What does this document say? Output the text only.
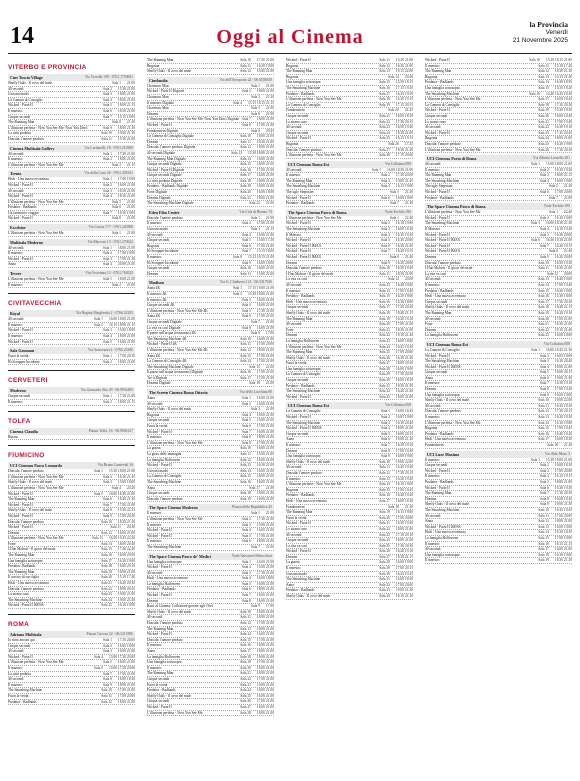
14	Oggi al Cinema
la Provincia
Venerdì
21 Novembre 2025
VITERBO E PROVINCIA
Cine Tuscia Village	Via Vetralla 108 - 0761.1750001
Sheffy Oaks - Il covo del male	Sala 1 21.00
40 secondi	Sala 2 15.30 21.00
Giovani madri	Sala 3 18.00 21.00
La Camera di Consiglio	Sala 4 18.00 21.00
Wicked - Parte II	Sala 5 18.00 21.15
Il maestro	Sala 6 18.30 21.00
Cinque secondi	Sala 7 15.15 18.00
The Running Man	Sala 8 21.30
L'illusione perfetta - Now You See Me: Now You Don't	Sala 9 18.00 21.30
La città proibita	Sala 10 19.00 21.30
Dracula: l'amore perduto	Sala 11 15.30 21.00
Cinema Multisala Gallery	Via Cardarelli, 18 - 0761.210300
40 secondi	Sala 1 17.30 21.00
Il maestro	Sala 2 18.00 21.00
L'illusione perfetta - Now You See Me	Sala 3 21.15
Trento	Via della Cava 26 - 0761.303331
Hedi - Una nuova avventura	Sala 1 17.00 19.00
Wicked - Parte II	Sala 2 16.00 21.00
40 secondi	Sala 3 18.30 21.00
Wicked - Parte II	Sala 4 18.30 21.00
L'illusione perfetta - Now You See Me	Sala 5 21.00
Predator - Badlands	Sala 6 21.00
Un fantastico viaggio	Sala 7 16.30 19.00
Wicked - Parte II	Sala 8 21.00
Excelsior	Via Cassia 177 - 0761.240380
L'illusione perfetta - Now You See Me	Sala 1 21.00
Multisala Moderno	Via Marconi 13 - 0761.270622
40 secondi	Sala 1 18.00 21.00
Il maestro	Sala 2 17.00 19.00
Wicked - Parte II	Sala 3 17.00 21.30
Anna	Sala 4 20.00 21.00
Tevere	Via Orvietana 12 - 0761.762023
L'illusione perfetta - Now You See Me	Sala 1 18.00 21.00
Il maestro	Sala 2 21.00
CIVITAVECCHIA
Royal	Via Regina Margherita 2 - 0766.32235
40 secondi	Sala 1 16.00 18.00 21.00
Il maestro	Sala 2 16.15 18.00 21.15
Wicked - Parte II	Sala 3 15.00 18.00
Il maestro	Sala 4 18.00 21.00
Wicked - Parte II	Sala 5 16.00 21.00
Sala Gassman	Via Annovazzi 2 - 0766.23380
Fuori la verità	Sala 1 17.00 20.30
Hi Scrapper Incidente	Sala 2 18.00 21.00
CERVETERI
Moderno	Via Giancarlo Sbo 29 - 06.9954490
Cinque secondi	Sala 1 17.30 21.00
Il maestro	Sala 2 18.00 21.15
TOLFA
Cinema Claudia	Piazza Tolfa, 16 - 06.9904127
Riposo
FIUMICINO
UCI Cinemas Parco Leonardo	Via Bruno Carnevali 16
Dracula: l'amore perduto	Sala 1 15.30 18.00 21.00
L'illusione perfetta - Now You See Me	Sala 2 16.30 21.45
Sheffy Oaks - Il covo del male	Sala 3 15.00 18.00
L'illusione perfetta - Now You See Me	Sala 4 20.20
Wicked - Parte II	Sala 5 16.00 18.40 21.00
The Running Man	Sala 6 18.40 21.30
Wicked - Parte II	Sala 7 17.00 21.00
Sheffy Oaks - Il covo del male	Sala 8 19.30 22.15
Wicked - Parte II	Sala 9 17.00 20.30
Dracula: l'amore perduto	Sala 10 18.30 21.30
Wicked - Parte II	Sala 11 20.30
Dreams	Sala 12 16.00 21.00
L'illusione perfetta - Now You See Me	Sala 13 16.50 19.45 22.30
Forte	Sala 14 18.00 20.40
I Due Mafiosi - Il gioco del male	Sala 15 17.40 22.40
The Running Man	Sala 16 16.00 20.00
Una famiglia sottosopra	Sala 17 16.30 19.00
Predator: Badlands	Sala 18 16.00 20.10
The Running Man	Sala 19 16.00 21.00
Il sorriso di suo figlio	Sala 20 15.10 17.40
Hedi - Una nuova avventura	Sala 21 16.20 20.30
Dracula: l'amore perduto	Sala 22 18.00 20.45
Lo strano caso	Sala 23 19.00 21.00
The Smashing Machine	Sala 24 19.00 21.40
Wicked - Parte II ISENS	Sala 25 16.30 19.00
ROMA
Adriano Multisala	Piazza Cavour 22 - 06.3211896
Io sono ancora qui	Sala 1 17.30 20.00
Cinque secondi	Sala 2 16.00 18.00
40 secondi	Sala 3 16.00 21.00
Wicked - Parte II	Sala 4 15.00 17.30 20.00
L'illusione perfetta - Now You See Me	Sala 5 16.00 21.00
Il maestro	Sala 6 15.00 17.30 20.00
La città proibita	Sala 7 17.00 21.00
40 secondi	Sala 8 16.00 18.30
Il maestro	Sala 9 18.00 21.00
The Smashing Machine	Sala 10 17.00 21.00
Fuori la verità	Sala 11 17.00 20.00
Predator - Badlands	Sala 12 18.00 21.00
The Running Man	Sala 10 17.30 21.00
Bugonia	Sala 11 16.30 19.00
Sheffy Oaks - Il covo del male	Sala 12 15.00 21.00
Cinelandia	Via dell'Aeroporto 22 - 06.6504920
Chainsaw Man	Sala 1 21.00
Wicked - Parte II Digitale	Sala 2 18.00 21.00
Chainsaw Man	Sala 3 21.30
Il maestro Digitale	Sala 4 15.15 18.15 21.15
Chainsaw Man	Sala 5 21.00
Dreams	Sala 6 21.00
L'illusione perfetta - Now You See Me: Now You Don't Digitale Sala 7 18.00 21.00
Wicked - Parte II	Sala 8 17.00 21.00
Frankenstein Digitale	Sala 9 20.45
La Camera di Consiglio Digitale	Sala 10 18.00 21.00
Dreams	Sala 11 18.30 21.00
Dracula: l'amore perduto Digitale	Sala 12 18.00 21.00
40 secondi Digitale	Sala 13 15.30 18.00 21.00
The Running Man Digitale	Sala 14 16.00 21.00
Cinque secondi Digitale	Sala 15 18.00 21.00
Wicked - Parte II Digitale	Sala 16 17.00 21.00
Cinque secondi Digitale	Sala 17 16.00 21.00
La città proibita Digitale	Sala 18 18.00 21.00
Predator - Badlands Digitale	Sala 19 18.00 21.00
Forte Digitale	Sala 20 16.00 18.00
Dreams Digitale	Sala 21 18.00 21.00
The Smashing Machine Digitale	Sala 22 21.00
Eden Film Center	Via Cola di Rienzo 74
Dracula: l'amore perduto	Sala 1 21.00
Il maestro	Sala 2 17.00 21.00
Giovani madri	Sala 3 21.15
40 secondi	Sala 4 16.00 21.00
Cinque secondi	Sala 5 15.00 17.30
Bugonia	Sala 6 17.00 21.00
Hi Scrapper Incidente	Sala 7 15.15 18.00
Il maestro	Sala 8 15.15 18.15 21.00
Hi Scrapper Incidente	Sala 9 16.00 18.00
Cinque secondi	Sala 10 16.00 21.00
Dreams	Sala 11 15.00 21.00
Madison	Via G. Chiabrera 121 - 06.5417926
Anna 4K	Sala 1 17.15 19.00 21.00
Il maestro 4K	Sala 2 15.30 18.00 21.00
Il maestro 4K	Sala 3 16.00 21.00
Cinque secondi 4K	Sala 4 16.00 21.00
L'illusione perfetta - Now You See Me 4K	Sala 5 17.30 21.00
Anna 4K	Sala 6 17.00 21.00
Cinque secondi Digitale	Sala 7 21.00
La vita va così Digitale	Sala 8 16.00 21.00
Il paese sull'acqua (restaurato) 4K	Sala 9 17.00
The Smashing Machine 4K	Sala 10 16.00 21.00
Wicked - Parte II 4K	Sala 11 17.00 20.00
L'illusione perfetta - Now You See Me 4K	Sala 12 18.00 21.00
Anna 4K	Sala 13 17.00 21.00
La Camera di Consiglio 4K	Sala 14 17.00 21.00
The Smashing Machine Digitale	Sala 15 21.00
Il paese sull'acqua (restaurato) Digitale	Sala 16 17.00 21.00
Tre ti Digitale	Sala 17 17.00 21.00
Dreams Digitale	Sala 18 21.00
The Screen Cinema Roma Ottavia	Via della Lucchina 90
Anna	Sala 1 16.00 21.00
40 secondi	Sala 2 16.00 21.00
Sheffy Oaks - Il covo del male	Sala 3 21.00
Bugonia	Sala 4 18.00 21.00
Cinque secondi	Sala 5 15.00 21.00
Fuori la verità	Sala 6 17.00 21.00
Wicked - Parte II	Sala 7 16.00 21.00
Il maestro	Sala 8 18.00 21.00
L'illusione perfetta - Now You See Me	Sala 9 17.00 21.00
La grazia	Sala 10 16.00 21.00
La gioia delle immagini	Sala 11 15.00 21.00
La famiglia Halloween	Sala 12 16.00 21.00
Wicked - Parte II	Sala 13 16.30 21.00
Giovani madri	Sala 14 16.00 21.00
La Camera di Consiglio	Sala 15 18.00 21.00
The Smashing Machine	Sala 16 16.00 21.00
Anna	Sala 17 21.00
Cinque secondi	Sala 18 18.00 21.00
Dracula: l'amore perduto	Sala 19 16.00 21.00
The Space Cinema Moderno	Piazza della Repubblica 45
Il maestro	Sala 1 21.00
L'illusione perfetta - Now You See Me	Sala 2 17.30 21.00
Il maestro	Sala 3 15.00 21.00
Wicked - Parte II	Sala 4 16.00 21.00
Wicked - Parte II	Sala 5 17.00 21.00
Il maestro	Sala 6 18.00 21.00
The Smashing Machine	Sala 7 21.00
The Space Cinema Parco de' Medici	Viale Salvatore Rebecchini
Una famiglia sottosopra	Sala 1 16.00 21.00
Wicked - Parte II	Sala 2 15.00 21.00
40 secondi	Sala 3 17.30 21.00
Hedi - Una nuova avventura	Sala 4 16.00 18.00
La famiglia Halloween	Sala 5 16.00 21.00
Predator - Badlands	Sala 6 18.00 21.00
Wicked - Parte II	Sala 7 16.00 21.00
Dreams	Sala 8 16.00 21.00
Rarri al Cinema: Collezione giocare agli Chef	Sala 9 17.00
Sheffy Oaks - Il covo del male	Sala 10 16.00 21.00
40 secondi	Sala 11 18.00 21.00
Dracula: l'amore perduto	Sala 12 17.00 21.00
The Running Man	Sala 13 18.00 21.00
Wicked - Parte II	Sala 14 16.00 21.00
Dracula: l'amore perduto	Sala 15 17.00 21.00
Il maestro	Sala 16 16.00 21.00
Anna	Sala 17 18.00 21.00
La famiglia Halloween	Sala 18 16.00 21.00
Una famiglia sottosopra	Sala 19 17.00 21.00
Il maestro	Sala 20 16.00 21.00
The Running Man	Sala 21 18.00 21.00
Cinque secondi	Sala 22 17.00 21.00
Fuori la verità	Sala 23 16.00 21.00
Predator - Badlands	Sala 24 18.00 21.00
Sheffy Oaks - Il covo del male	Sala 25 16.00 21.00
Cinque secondi	Sala 26 17.00 21.00
Wicked - Parte II	Sala 27 16.00 21.00
L'illusione perfetta - Now You See Me	Sala 28 18.00 21.00
Wicked - Parte II	Sala 11 15.20 21.00
Bugonia	Sala 12 16.30 21.00
The Running Man	Sala 13 19.15 22.00
Bugonia	Sala 14 20.40
Una famiglia sottosopra	Sala 15 15.50 18.15
The Smashing Machine	Sala 16 17.15 19.50
Predator - Badlands	Sala 17 16.35 19.30
L'illusione perfetta - Now You See Me	Sala 18 16.20 19.15
La Camera di Consiglio	Sala 19 17.15 20.15
Frankenstein	Sala 20 21.45
Cinque secondi	Sala 21 16.00 18.30
Lo strano caso	Sala 22 17.30 20.15
40 secondi	Sala 23 16.50 19.40
Cinque secondi	Sala 24 18.30 21.00
Wicked - Parte II	Sala 25 16.15 19.15
Bugonia	Sala 26 17.45
Dracula: l'amore perduto	Sala 27 18.30 21.30
L'illusione perfetta - Now You See Me	Sala 28 17.15 20.00
UCI Cinemas Roma Est	Via Collatina 858
40 secondi	Sala 1 16.00 18.30 21.00
Il maestro	Sala 2 17.30 20.00
The Running Man	Sala 3 19.00 21.45
The Smashing Machine	Sala 4 16.15 19.00
The ugly Stepsister	Sala 5 21.30
Wicked - Parte II	Sala 6 16.00 19.00
Predator - Badlands	Sala 7 21.30
The Space Cinema Parco di Roma	Viale Eschilo 190
L'illusione perfetta - Now You See Me	Sala 1 22.40
Wicked - Parte II	Sala 2 16.10 19.00
The Smashing Machine	Sala 3 16.00 18.30
Il Maestro	Sala 4 16.10 19.30
Wicked - Parte II	Sala 5 16.30 20.00
Wicked - Parte II IMAX	Sala 6 16.30 21.00
Wicked - Parte II	Sala 7 16.20 19.15
Wicked - Parte II IMAX	Sala 8 21.40
Dreams	Sala 9 16.20 20.00
Dracula: l'amore perduto	Sala 10 16.50 19.30
I Due Mafiosi - Il gioco del male	Sala 11 18.30 21.00
La vita va così	Sala 12 20.00
40 secondi	Sala 13 16.40 19.00
Il maestro	Sala 14 17.00 19.40
Predator - Badlands	Sala 15 16.30 19.00
Hedi - Una nuova avventura	Sala 16 15.30 18.00
Cinque secondi	Sala 17 17.50 20.30
Sheffy Oaks - Il covo del male	Sala 18 18.40 21.15
The Running Man	Sala 19 16.20 19.10
40 secondi	Sala 20 17.00 21.00
Forte	Sala 21 18.30 21.00
Dreams	Sala 22 19.10 21.40
La famiglia Halloween	Sala 23 16.00 18.00
L'illusione perfetta - Now You See Me	Sala 24 16.45 19.30
The Running Man	Sala 25 17.00 20.00
Sheffy Oaks - Il covo del male	Sala 26 16.30 21.30
Fuori la verità	Sala 27 18.00 20.30
Una famiglia sottosopra	Sala 28 16.00 19.00
La Camera di Consiglio	Sala 29 17.50 20.50
Cinque secondi	Sala 30 16.00 18.30
Predator - Badlands	Sala 31 19.30 21.50
The Smashing Machine	Sala 32 16.40 21.20
Wicked - Parte II	Sala 33 18.00 21.00
UCI Cinemas Roma Est	Via Collatina 858
La Camera di Consiglio	Sala 1 16.00 18.45
Wicked - Parte II	Sala 2 16.05 19.00
The Smashing Machine	Sala 3 16.10 20.40
Wicked - Parte II ISENS	Sala 4 18.00 21.00
Cinque secondi	Sala 5 16.00 20.15
Anna	Sala 6 19.00 21.30
Il maestro	Sala 7 16.30 19.10
Dreams	Sala 8 17.00 19.30
Una famiglia sottosopra	Sala 9 16.00 19.00
Sheffy Oaks - Il covo del male	Sala 10 19.00 22.00
40 secondi	Sala 11 16.45 19.30
Dracula: l'amore perduto	Sala 12 17.30 20.15
Il maestro	Sala 13 16.20 19.30
L'illusione perfetta - Now You See Me	Sala 14 16.10 19.00
Bugonia	Sala 15 17.00 19.45
Predator - Badlands	Sala 16 16.40 19.20
Hedi - Una nuova avventura	Sala 17 16.00 18.30
Frankenstein	Sala 18 21.30
The Running Man	Sala 19 16.15 19.00
Fuori la verità	Sala 20 17.00 20.00
Wicked - Parte II	Sala 21 16.30 19.30
Lo strano caso	Sala 22 18.00 21.00
40 secondi	Sala 23 17.10 20.10
Cinque secondi	Sala 24 16.00 21.00
La vita va così	Sala 25 17.30 20.30
Wicked - Parte II	Sala 26 16.20 19.10
Dreams	Sala 27 18.30 21.15
La grazia	Sala 28 16.00 19.00
Il maestro	Sala 29 17.00 20.15
Giovani madri	Sala 30 16.45 19.45
The Smashing Machine	Sala 31 16.00 18.30
Anna	Sala 32 17.00 20.00
Predator - Badlands	Sala 33 19.00 21.30
Sheffy Oaks - Il covo del male	Sala 34 16.10 21.30
Wicked - Parte II	Sala 10 15.20 18.15 21.00
Il maestro	Sala 11 15.10 17.40
The Running Man	Sala 12 18.30 21.30
Bugonia	Sala 13 14.15 21.20
Predator - Badlands	Sala 14 16.30 18.50
Una famiglia sottosopra	Sala 15 15.50 18.20
The Smashing Machine	Sala 16 14.20 16.45 19.30
L'illusione perfetta - Now You See Me	Sala 17 16.00 18.45
La Camera di Consiglio	Sala 18 17.10 20.20
Wicked - Parte II	Sala 19 15.30 18.30
Cinque secondi	Sala 20 16.00 18.40
Lo strano caso	Sala 21 17.00 19.40
40 secondi	Sala 22 16.30 19.10
Wicked - Parte II	Sala 23 17.45 20.45
Bugonia	Sala 24 18.00 21.00
Dracula: l'amore perduto	Sala 25 16.20 19.00
L'illusione perfetta - Now You See Me	Sala 26 17.30 20.30
UCI Cinemas Porta di Roma	Via Alberto Lionello 201
40 secondi	Sala 1 15.00 18.00 21.00
Il maestro	Sala 2 16.30 19.30
The Running Man	Sala 3 18.00 21.15
The Smashing Machine	Sala 4 16.00 19.00
The ugly Stepsister	Sala 5 21.20
Wicked - Parte II	Sala 6 17.00 20.00
Predator - Badlands	Sala 7 21.00
The Space Cinema Parco di Roma	Viale Eschilo 190
L'illusione perfetta - Now You See Me	Sala 1 22.40
Wicked - Parte II	Sala 2 16.10 19.00
The Smashing Machine	Sala 3 16.00 18.30 21.30
Il Maestro	Sala 4 16.10 19.30
Wicked - Parte II	Sala 5 16.30 20.00
Wicked - Parte II IMAX	Sala 6 16.30 19.30 21.00
Wicked - Parte II	Sala 7 16.20 19.15
Wicked - Parte II IMAX	Sala 8 21.40
Dreams	Sala 9 16.20 20.00
Dracula: l'amore perduto	Sala 10 16.50 19.30
I Due Mafiosi - Il gioco del male	Sala 11 18.30 21.00
La vita va così	Sala 12 20.00
40 secondi	Sala 13 16.40 19.00
Il maestro	Sala 14 17.00 19.40
Predator - Badlands	Sala 15 16.30 19.00
Hedi - Una nuova avventura	Sala 16 15.30 18.00
Cinque secondi	Sala 17 17.50 20.30
Sheffy Oaks - Il covo del male	Sala 18 18.40 21.15
The Running Man	Sala 19 16.20 19.10
40 secondi	Sala 20 17.00 21.00
Forte	Sala 21 18.30 21.00
Dreams	Sala 22 19.10 21.40
La famiglia Halloween	Sala 23 16.00 18.00
UCI Cinemas Roma Est	Via Collatina 858
La Camera di Consiglio	Sala 1 16.00 18.45 21.30
Wicked - Parte II	Sala 2 16.05 19.00
The Smashing Machine	Sala 3 16.10 20.40
Wicked - Parte II ISENS	Sala 4 18.00 21.00
Cinque secondi	Sala 5 16.00 20.15
Anna	Sala 6 19.00 21.30
Il maestro	Sala 7 16.30 19.10
Dreams	Sala 8 17.00 19.30
Una famiglia sottosopra	Sala 9 16.00 19.00
Sheffy Oaks - Il covo del male	Sala 10 19.00 22.00
40 secondi	Sala 11 16.45 19.30
Dracula: l'amore perduto	Sala 12 17.30 20.15
Il maestro	Sala 13 16.20 19.30
L'illusione perfetta - Now You See Me	Sala 14 16.10 19.00
Bugonia	Sala 15 17.00 19.45
Predator - Badlands	Sala 16 16.40 19.20
Hedi - Una nuova avventura	Sala 17 16.00 18.30
Frankenstein	Sala 18 21.30
UCI Luxe Maximo	Via Aldo Moro 3
Il maestro	Sala 1 15.30 18.00 21.00
Cinque secondi	Sala 2 16.00 18.30
Wicked - Parte II	Sala 3 17.00 20.00
Il maestro	Sala 4 16.15 19.15
Predator - Badlands	Sala 5 18.00 21.00
Wicked - Parte II	Sala 6 16.30 19.30
The Running Man	Sala 7 17.30 20.30
Dreams	Sala 8 16.00 18.30
Sheffy Oaks - Il covo del male	Sala 9 19.00 21.30
The Smashing Machine	Sala 10 16.45 19.45
40 secondi	Sala 11 17.00 20.00
Anna	Sala 12 18.00 21.00
Wicked - Parte II ISENS	Sala 13 16.00 19.00
Hedi - Una nuova avventura	Sala 14 16.30 18.30
La famiglia Halloween	Sala 15 17.00 19.00
Il maestro	Sala 16 18.15 21.15
40 secondi	Sala 17 16.00 21.00
Una famiglia sottosopra	Sala 18 16.30 19.00
Il maestro	Sala 19 18.30 21.30
